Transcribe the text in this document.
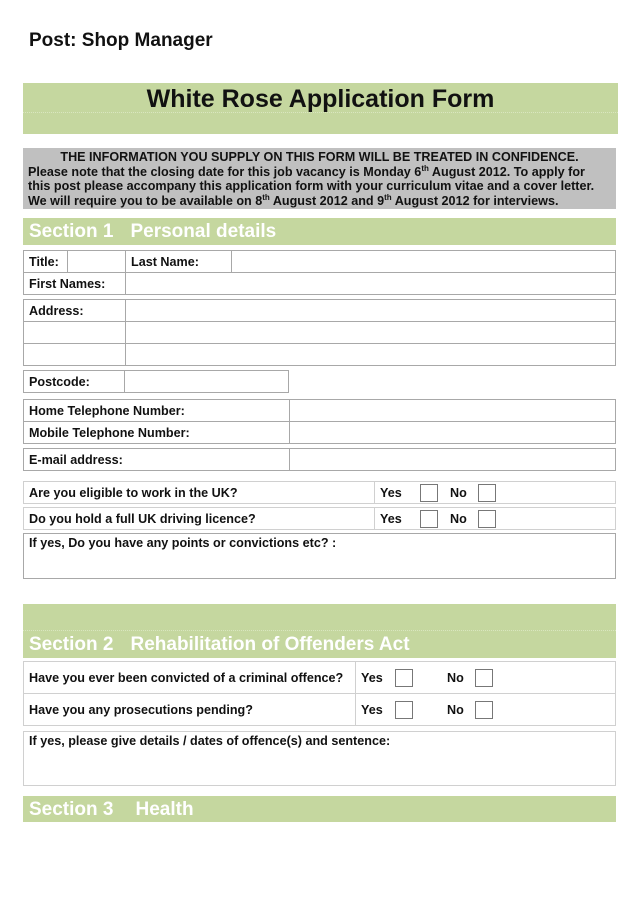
Post: Shop Manager
White Rose Application Form
THE INFORMATION YOU SUPPLY ON THIS FORM WILL BE TREATED IN CONFIDENCE.
Please note that the closing date for this job vacancy is Monday 6th August 2012. To apply for
this post please accompany this application form with your curriculum vitae and a cover letter.
We will require you to be available on 8th August 2012 and 9th August 2012 for interviews.
Section 1 Personal details
Title:		Last Name:	
First Names:			
Address:	

Postcode:	
Home Telephone Number:	
Mobile Telephone Number:	
E-mail address:	
Are you eligible to work in the UK?	Yes	No
Do you hold a full UK driving licence?	Yes	No
If yes, Do you have any points or convictions etc? :
Section 2 Rehabilitation of Offenders Act
Have you ever been convicted of a criminal offence?	Yes No
Have you any prosecutions pending?	Yes No
If yes, please give details / dates of offence(s) and sentence:
Section 3 Health
